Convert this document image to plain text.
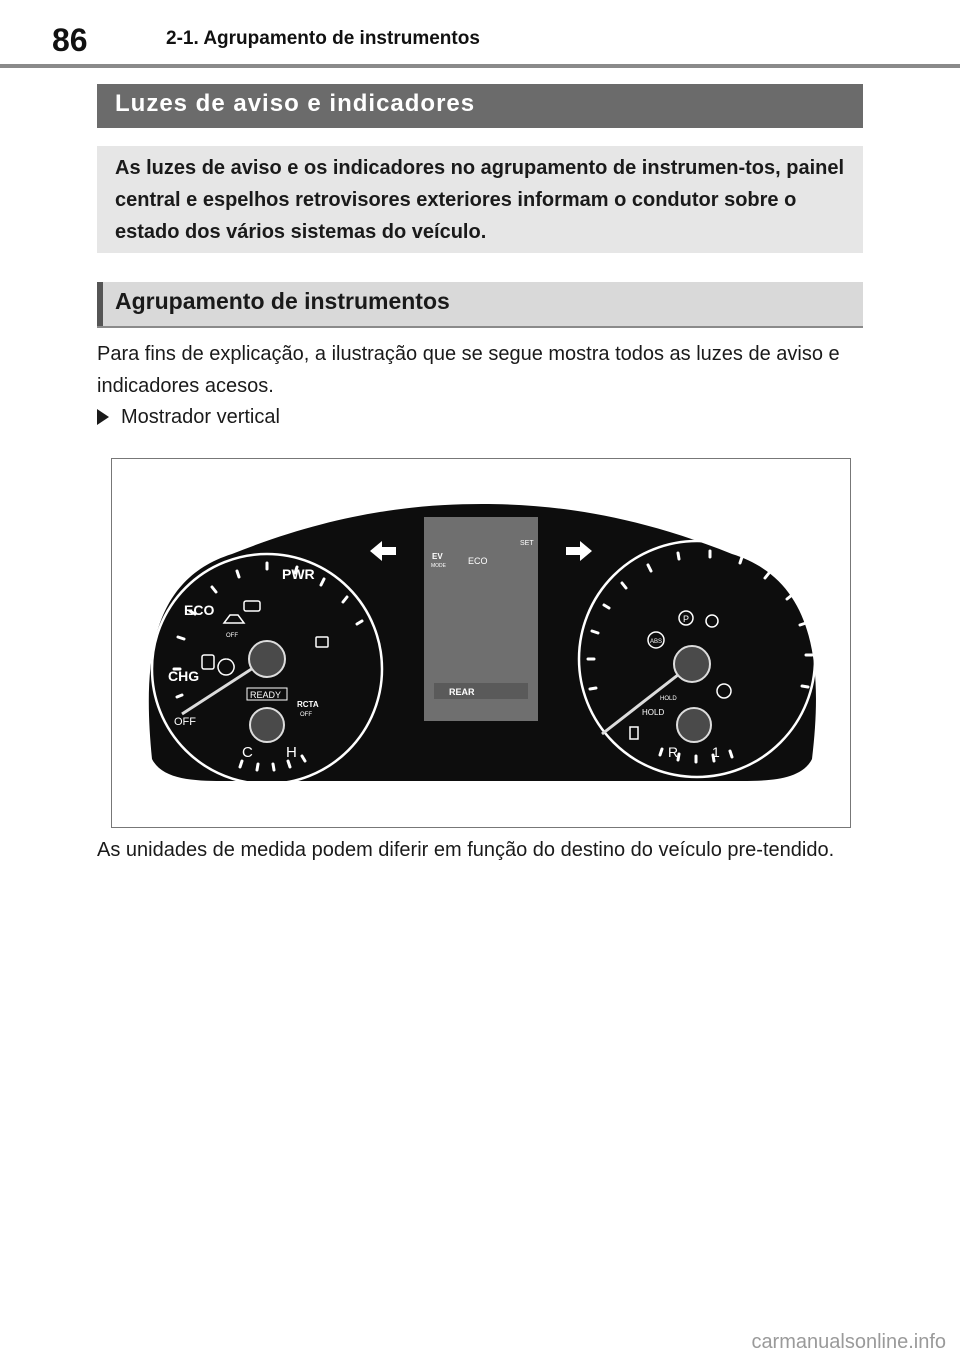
86	2-1. Agrupamento de instrumentos
Luzes de aviso e indicadores

As luzes de aviso e os indicadores no agrupamento de instrumen-tos, painel central e espelhos retrovisores exteriores informam o condutor sobre o estado dos vários sistemas do veículo.

Agrupamento de instrumentos

Para fins de explicação, a ilustração que se segue mostra todos as luzes de aviso e indicadores acesos.

Mostrador vertical
PWR
ECO
CHG
OFF
C H
READY
RCTA
OFF
OFF
EV
MODE ECO
SET
REAR
HOLD
HOLD
R 1
P
ABS

As unidades de medida podem diferir em função do destino do veículo pre-tendido.

carmanualsonline.info
